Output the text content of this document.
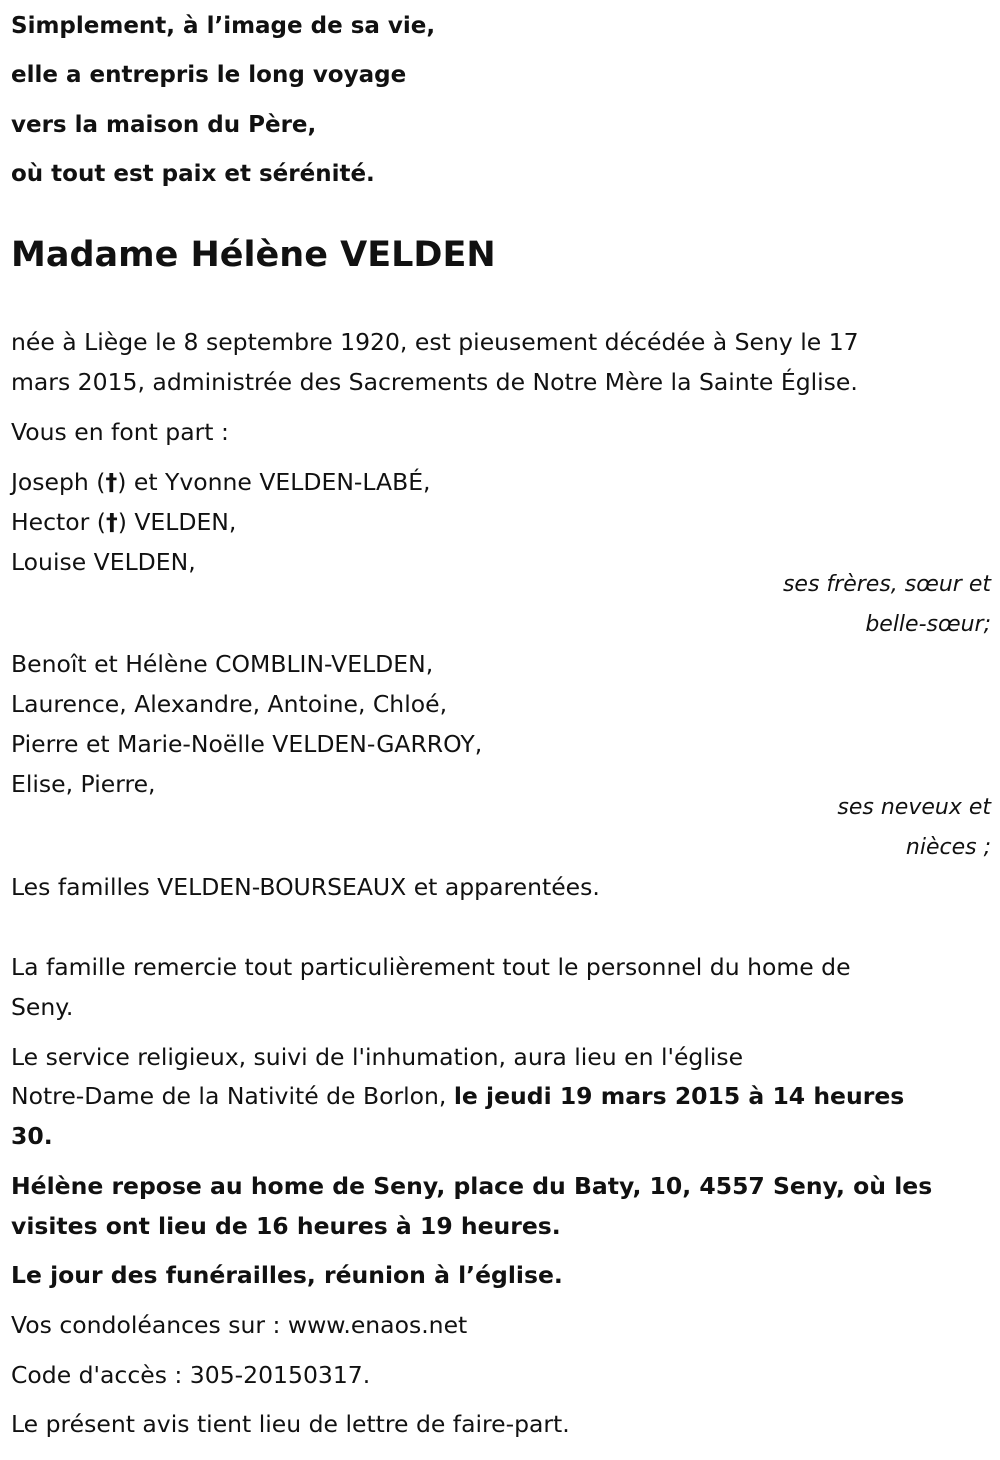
Simplement, à l’image de sa vie,
elle a entrepris le long voyage
vers la maison du Père,
où tout est paix et sérénité.
Madame Hélène VELDEN
née à Liège le 8 septembre 1920, est pieusement décédée à Seny le 17
mars 2015, administrée des Sacrements de Notre Mère la Sainte Église.
Vous en font part :
Joseph (†) et Yvonne VELDEN-LABÉ,
Hector (†) VELDEN,
Louise VELDEN,
ses frères, sœur et
belle-sœur;
Benoît et Hélène COMBLIN-VELDEN,
Laurence, Alexandre, Antoine, Chloé,
Pierre et Marie-Noëlle VELDEN-GARROY,
Elise, Pierre,
ses neveux et
nièces ;
Les familles VELDEN-BOURSEAUX et apparentées.
La famille remercie tout particulièrement tout le personnel du home de
Seny.
Le service religieux, suivi de l'inhumation, aura lieu en l'église
Notre-Dame de la Nativité de Borlon, le jeudi 19 mars 2015 à 14 heures
30.
Hélène repose au home de Seny, place du Baty, 10, 4557 Seny, où les
visites ont lieu de 16 heures à 19 heures.
Le jour des funérailles, réunion à l’église.
Vos condoléances sur : www.enaos.net
Code d'accès : 305-20150317.
Le présent avis tient lieu de lettre de faire-part.
